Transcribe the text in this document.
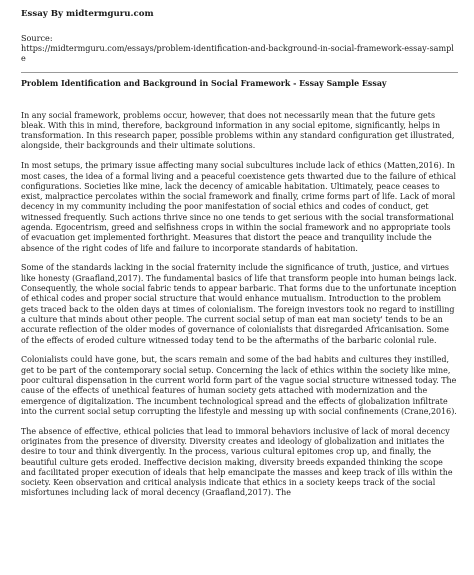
Essay By midtermguru.com
Source:
https://midtermguru.com/essays/problem-identification-and-background-in-social-framework-essay-sample
Problem Identification and Background in Social Framework - Essay Sample Essay

In any social framework, problems occur, however, that does not necessarily mean that the future gets bleak. With this in mind, therefore, background information in any social epitome, significantly, helps in transformation. In this research paper, possible problems within any standard configuration get illustrated, alongside, their backgrounds and their ultimate solutions.

In most setups, the primary issue affecting many social subcultures include lack of ethics (Matten,2016). In most cases, the idea of a formal living and a peaceful coexistence gets thwarted due to the failure of ethical configurations. Societies like mine, lack the decency of amicable habitation. Ultimately, peace ceases to exist, malpractice percolates within the social framework and finally, crime forms part of life. Lack of moral decency in my community including the poor manifestation of social ethics and codes of conduct, get witnessed frequently. Such actions thrive since no one tends to get serious with the social transformational agenda. Egocentrism, greed and selfishness crops in within the social framework and no appropriate tools of evacuation get implemented forthright. Measures that distort the peace and tranquility include the absence of the right codes of life and failure to incorporate standards of habitation.

Some of the standards lacking in the social fraternity include the significance of truth, justice, and virtues like honesty (Graafland,2017). The fundamental basics of life that transform people into human beings lack. Consequently, the whole social fabric tends to appear barbaric. That forms due to the unfortunate inception of ethical codes and proper social structure that would enhance mutualism. Introduction to the problem gets traced back to the olden days at times of colonialism. The foreign investors took no regard to instilling a culture that minds about other people. The current social setup of man eat man society' tends to be an accurate reflection of the older modes of governance of colonialists that disregarded Africanisation. Some of the effects of eroded culture witnessed today tend to be the aftermaths of the barbaric colonial rule.

Colonialists could have gone, but, the scars remain and some of the bad habits and cultures they instilled, get to be part of the contemporary social setup. Concerning the lack of ethics within the society like mine, poor cultural dispensation in the current world form part of the vague social structure witnessed today. The cause of the effects of unethical features of human society gets attached with modernization and the emergence of digitalization. The incumbent technological spread and the effects of globalization infiltrate into the current social setup corrupting the lifestyle and messing up with social confinements (Crane,2016).

The absence of effective, ethical policies that lead to immoral behaviors inclusive of lack of moral decency originates from the presence of diversity. Diversity creates and ideology of globalization and initiates the desire to tour and think divergently. In the process, various cultural epitomes crop up, and finally, the beautiful culture gets eroded. Ineffective decision making, diversity breeds expanded thinking the scope and facilitated proper execution of ideals that help emancipate the masses and keep track of ills within the society. Keen observation and critical analysis indicate that ethics in a society keeps track of the social misfortunes including lack of moral decency (Graafland,2017). The
